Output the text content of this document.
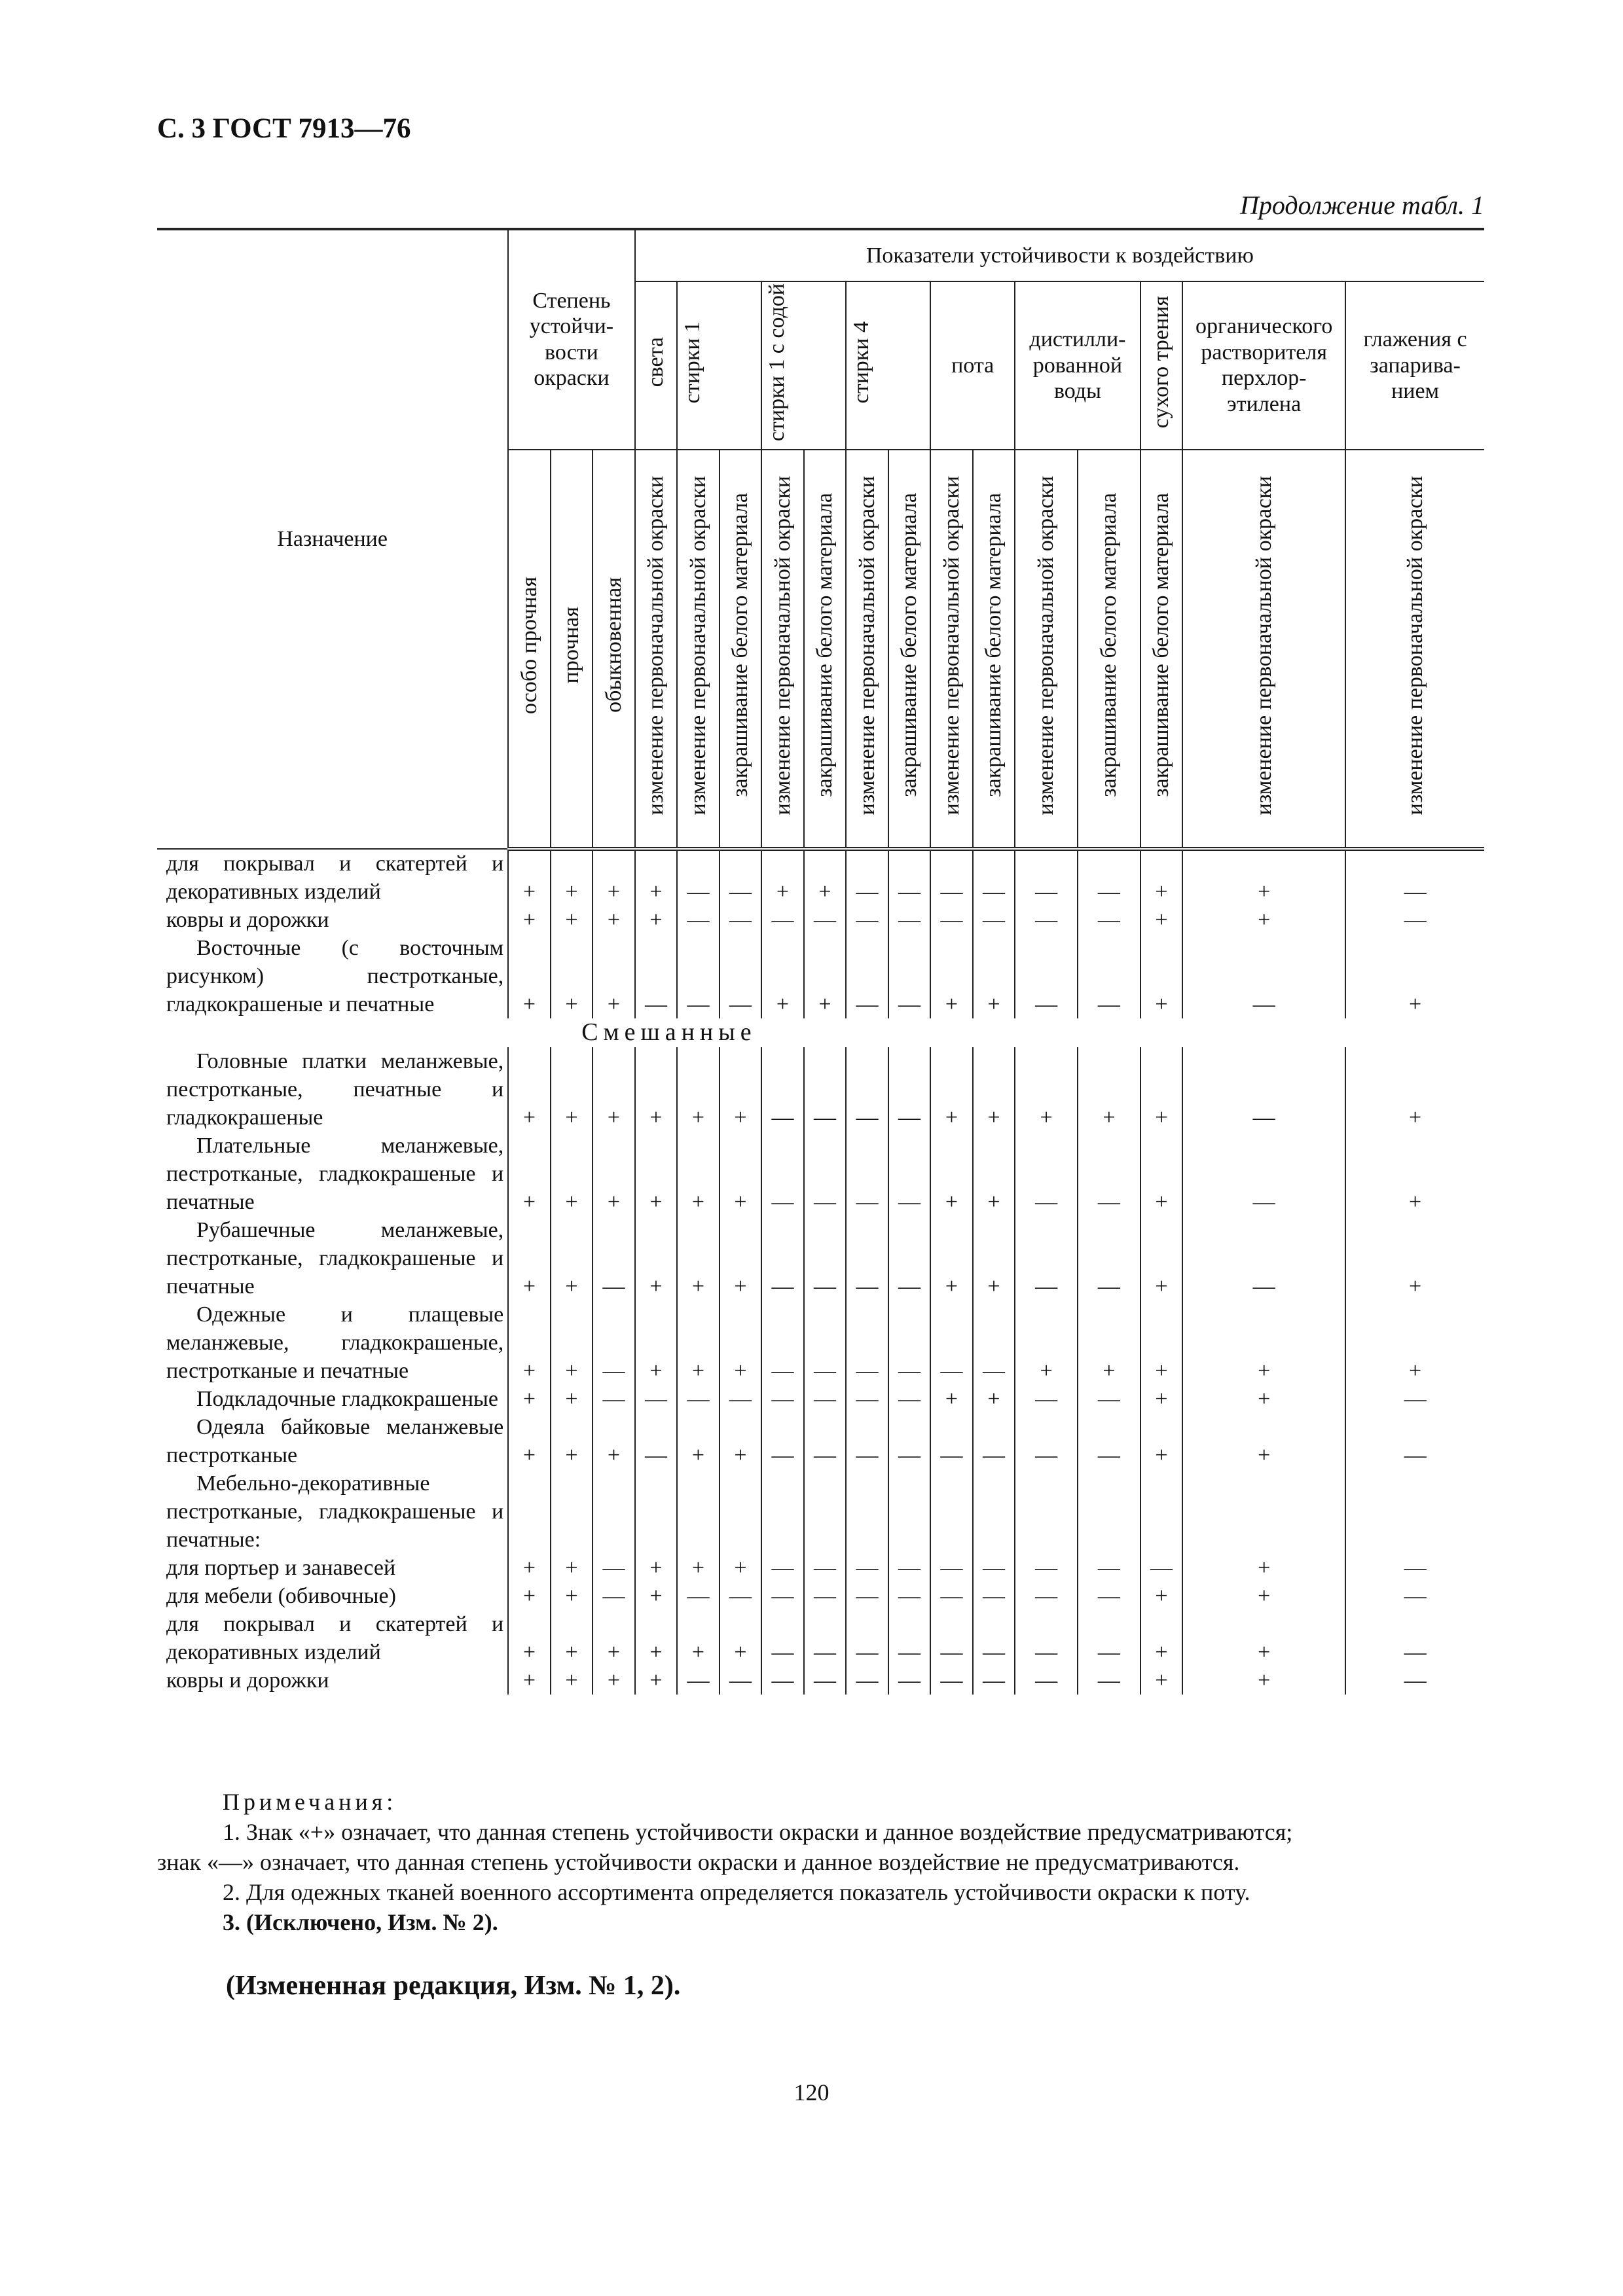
С. 3 ГОСТ 7913—76
Продолжение табл. 1
Назначение	Степень устойчи- вости окраски			Показатели устойчивости к воздействию													
				света	стирки 1		стирки 1 с содой		стирки 4		пота		дистилли- рованной воды		сухого трения	органического растворителя перхлор- этилена	глажения с запарива- нием
	особо прочная	прочная	обыкновенная	изменение первоначальной окраски	изменение первоначальной окраски	закрашивание белого материала	изменение первоначальной окраски	закрашивание белого материала	изменение первоначальной окраски	закрашивание белого материала	изменение первоначальной окраски	закрашивание белого материала	изменение первоначальной окраски	закрашивание белого материала	закрашивание белого материала	изменение первоначальной окраски	изменение первоначальной окраски
для покрывал и скатертей и декоративных изделий	+	+	+	+	—	—	+	+	—	—	—	—	—	—	+	+	—
ковры и дорожки	+	+	+	+	—	—	—	—	—	—	—	—	—	—	+	+	—
Восточные (с восточным рисунком) пестротканые, гладкокрашеные и печатные	+	+	+	—	—	—	+	+	—	—	+	+	—	—	+	—	+
	Смешанные																
Головные платки меланжевые, пестротканые, печатные и гладкокрашеные	+	+	+	+	+	+	—	—	—	—	+	+	+	+	+	—	+
Плательные меланжевые, пестротканые, гладкокрашеные и печатные	+	+	+	+	+	+	—	—	—	—	+	+	—	—	+	—	+
Рубашечные меланжевые, пестротканые, гладкокрашеные и печатные	+	+	—	+	+	+	—	—	—	—	+	+	—	—	+	—	+
Одежные и плащевые меланжевые, гладкокрашеные, пестротканые и печатные	+	+	—	+	+	+	—	—	—	—	—	—	+	+	+	+	+
Подкладочные гладкокрашеные	+	+	—	—	—	—	—	—	—	—	+	+	—	—	+	+	—
Одеяла байковые меланжевые пестротканые	+	+	+	—	+	+	—	—	—	—	—	—	—	—	+	+	—
Мебельно-декоративные пестротканые, гладкокрашеные и печатные:																	
для портьер и занавесей	+	+	—	+	+	+	—	—	—	—	—	—	—	—	—	+	—
для мебели (обивочные)	+	+	—	+	—	—	—	—	—	—	—	—	—	—	+	+	—
для покрывал и скатертей и декоративных изделий	+	+	+	+	+	+	—	—	—	—	—	—	—	—	+	+	—
ковры и дорожки	+	+	+	+	—	—	—	—	—	—	—	—	—	—	+	+	—
Примечания:
1. Знак «+» означает, что данная степень устойчивости окраски и данное воздействие предусматриваются;
знак «—» означает, что данная степень устойчивости окраски и данное воздействие не предусматриваются.
2. Для одежных тканей военного ассортимента определяется показатель устойчивости окраски к поту.
3. (Исключено, Изм. № 2).
(Измененная редакция, Изм. № 1, 2).
120
